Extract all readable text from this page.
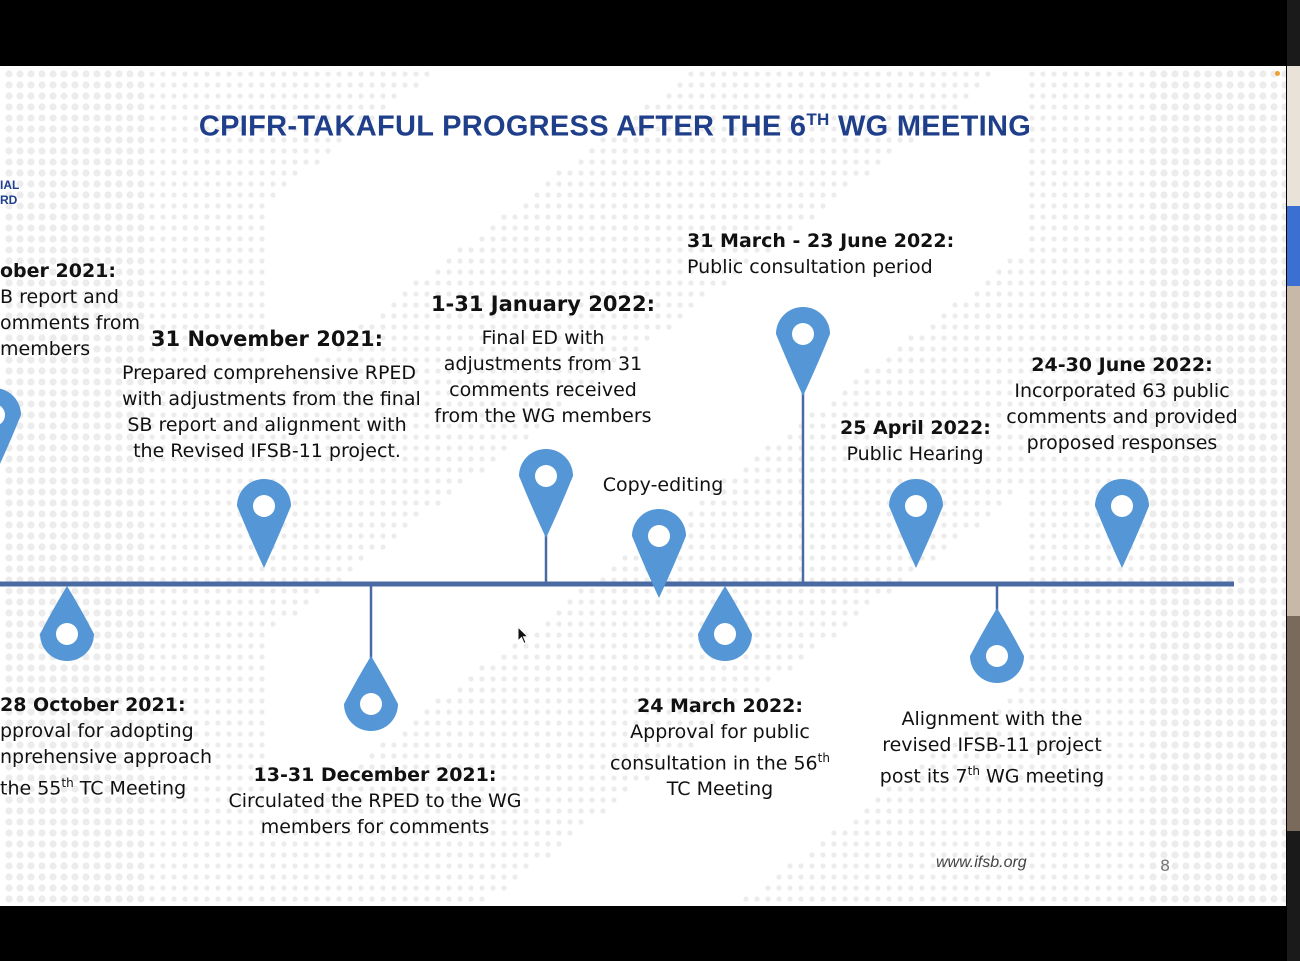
IAL
RD
CPIFR-TAKAFUL PROGRESS AFTER THE 6TH WG MEETING
ober 2021:
B report and
omments from
members	31 November 2021:
Prepared comprehensive RPED
with adjustments from the final
SB report and alignment with
the Revised IFSB-11 project.
1-31 January 2022:
Final ED with
adjustments from 31
comments received
from the WG members
Copy-editing
31 March - 23 June 2022:
Public consultation period
25 April 2022:
Public Hearing
24-30 June 2022:
Incorporated 63 public
comments and provided
proposed responses
28 October 2021:
pproval for adopting
nprehensive approach
the 55th TC Meeting
13-31 December 2021:
Circulated the RPED to the WG
members for comments
24 March 2022:
Approval for public
consultation in the 56th
TC Meeting
Alignment with the
revised IFSB-11 project
post its 7th WG meeting
www.ifsb.org	8
